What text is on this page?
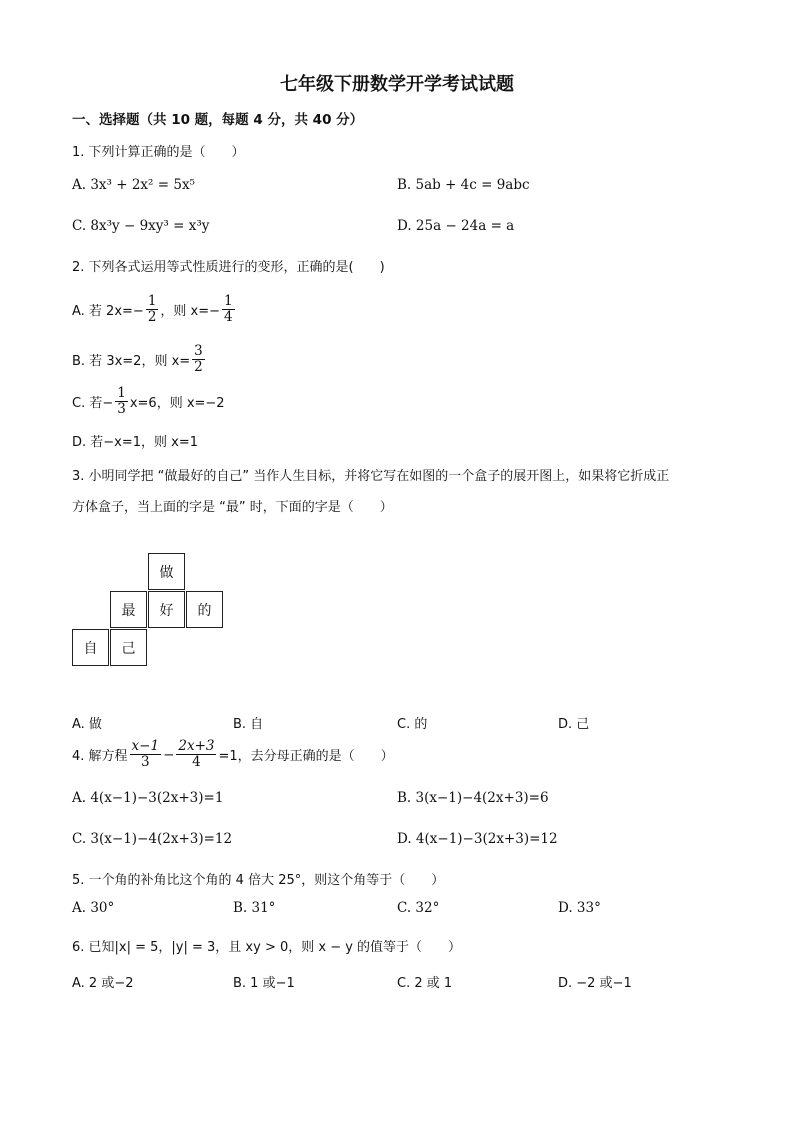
七年级下册数学开学考试试题
一、选择题（共 10 题，每题 4 分，共 40 分）
1. 下列计算正确的是（　　）
A. 3x³ + 2x² = 5x⁵	B. 5ab + 4c = 9abc
C. 8x³y − 9xy³ = x³y	D. 25a − 24a = a
2. 下列各式运用等式性质进行的变形，正确的是(　　)
A. 若 $2x=- \frac{1}{2}$ ，则 $x=- \frac{1}{4}$
B. 若 3x=2，则 $x= \frac{3}{2}$
C. 若− $\frac{1}{3} x=6$，则 x=−2
D. 若−x=1，则 x=1
3. 小明同学把 “做最好的自己” 当作人生目标，并将它写在如图的一个盒子的展开图上，如果将它折成正
方体盒子，当上面的字是 “最” 时，下面的字是（　　）
做
最	好	的
自	己
A. 做	B. 自	C. 的	D. 己
4. 解方程 $\frac{x-1}{3} - \frac{2x+3}{4} =1$，去分母正确的是（　　）
A. 4(x−1)−3(2x+3)=1	B. 3(x−1)−4(2x+3)=6
C. 3(x−1)−4(2x+3)=12	D. 4(x−1)−3(2x+3)=12
5. 一个角的补角比这个角的 4 倍大 25°，则这个角等于（　　）
A. 30°	B. 31°	C. 32°	D. 33°
6. 已知|x| = 5，|y| = 3，且 xy > 0，则 x − y 的值等于（　　）
A. 2 或−2	B. 1 或−1	C. 2 或 1	D. −2 或−1
